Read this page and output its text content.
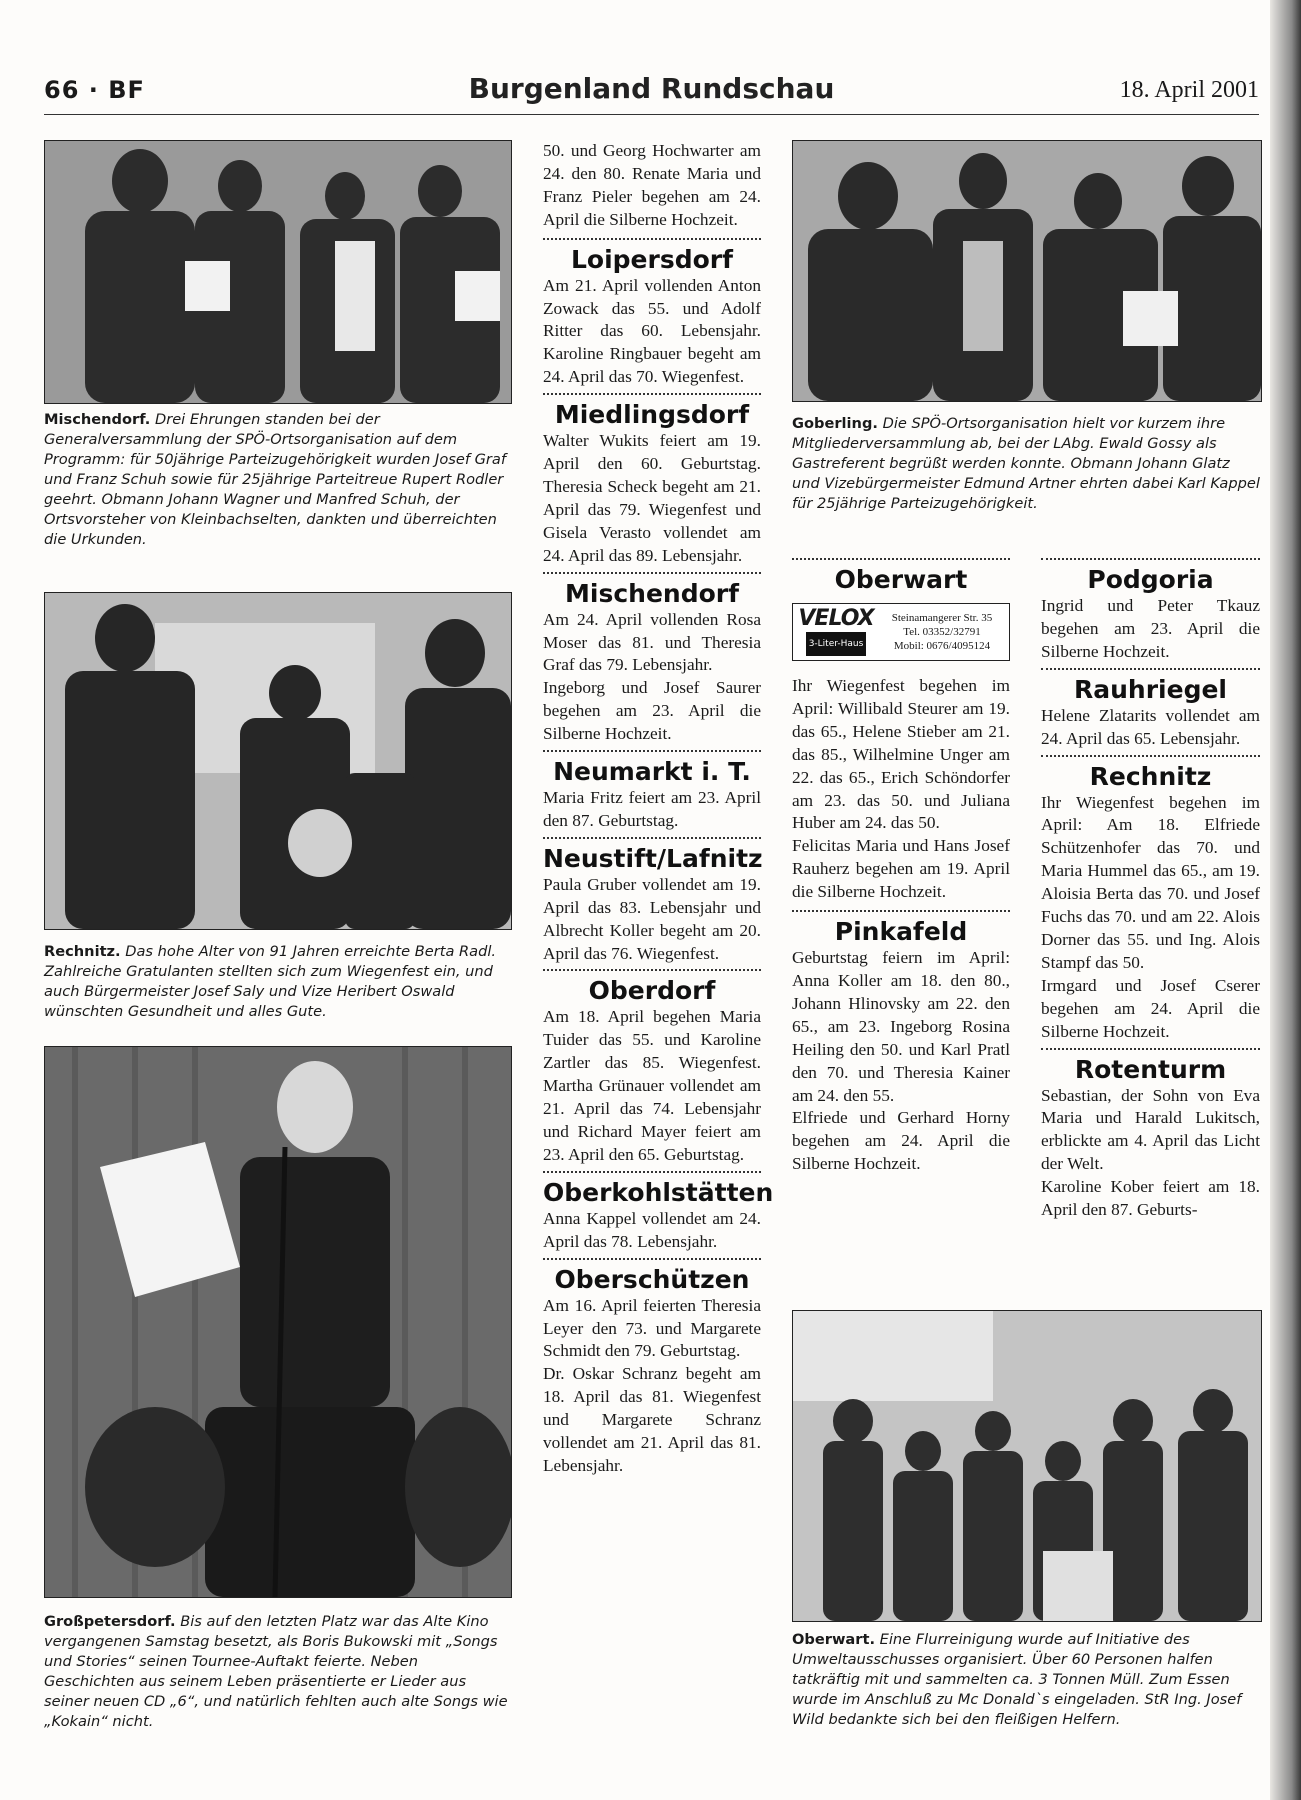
66 · BF	Burgenland Rundschau	18. April 2001
Mischendorf. Drei Ehrungen standen bei der Generalversammlung der SPÖ-Ortsorganisation auf dem Programm: für 50jährige Parteizugehörigkeit wurden Josef Graf und Franz Schuh sowie für 25jährige Parteitreue Rupert Rodler geehrt. Obmann Johann Wagner und Manfred Schuh, der Ortsvorsteher von Kleinbachselten, dankten und überreichten die Urkunden.
Rechnitz. Das hohe Alter von 91 Jahren erreichte Berta Radl. Zahlreiche Gratulanten stellten sich zum Wiegenfest ein, und auch Bürgermeister Josef Saly und Vize Heribert Oswald wünschten Gesundheit und alles Gute.
Großpetersdorf. Bis auf den letzten Platz war das Alte Kino vergangenen Samstag besetzt, als Boris Bukowski mit „Songs und Stories“ seinen Tournee-Auftakt feierte. Neben Geschichten aus seinem Leben präsentierte er Lieder aus seiner neuen CD „6“, und natürlich fehlten auch alte Songs wie „Kokain“ nicht.

50. und Georg Hochwarter am 24. den 80. Renate Maria und Franz Pieler begehen am 24. April die Silberne Hochzeit.

Loipersdorf

Am 21. April vollenden Anton Zowack das 55. und Adolf Ritter das 60. Lebensjahr. Karoline Ringbauer begeht am 24. April das 70. Wiegenfest.

Miedlingsdorf

Walter Wukits feiert am 19. April den 60. Geburtstag. Theresia Scheck begeht am 21. April das 79. Wiegenfest und Gisela Verasto vollendet am 24. April das 89. Lebensjahr.

Mischendorf

Am 24. April vollenden Rosa Moser das 81. und Theresia Graf das 79. Lebensjahr.

Ingeborg und Josef Saurer begehen am 23. April die Silberne Hochzeit.

Neumarkt i. T.

Maria Fritz feiert am 23. April den 87. Geburtstag.

Neustift/Lafnitz

Paula Gruber vollendet am 19. April das 83. Lebensjahr und Albrecht Koller begeht am 20. April das 76. Wiegenfest.

Oberdorf

Am 18. April begehen Maria Tuider das 55. und Karoline Zartler das 85. Wiegenfest. Martha Grünauer vollendet am 21. April das 74. Lebensjahr und Richard Mayer feiert am 23. April den 65. Geburtstag.

Oberkohlstätten

Anna Kappel vollendet am 24. April das 78. Lebensjahr.

Oberschützen

Am 16. April feierten Theresia Leyer den 73. und Margarete Schmidt den 79. Geburtstag.

Dr. Oskar Schranz begeht am 18. April das 81. Wiegenfest und Margarete Schranz vollendet am 21. April das 81. Lebensjahr.

Goberling. Die SPÖ-Ortsorganisation hielt vor kurzem ihre Mitgliederversammlung ab, bei der LAbg. Ewald Gossy als Gastreferent begrüßt werden konnte. Obmann Johann Glatz und Vizebürgermeister Edmund Artner ehrten dabei Karl Kappel für 25jährige Parteizugehörigkeit.
Oberwart
VELOX
3-Liter-Haus
Steinamangerer Str. 35
Tel. 03352/32791
Mobil: 0676/4095124

Ihr Wiegenfest begehen im April: Willibald Steurer am 19. das 65., Helene Stieber am 21. das 85., Wilhelmine Unger am 22. das 65., Erich Schöndorfer am 23. das 50. und Juliana Huber am 24. das 50.

Felicitas Maria und Hans Josef Rauherz begehen am 19. April die Silberne Hochzeit.

Pinkafeld

Geburtstag feiern im April: Anna Koller am 18. den 80., Johann Hlinovsky am 22. den 65., am 23. Ingeborg Rosina Heiling den 50. und Karl Pratl den 70. und Theresia Kainer am 24. den 55.

Elfriede und Gerhard Horny begehen am 24. April die Silberne Hochzeit.

Podgoria

Ingrid und Peter Tkauz begehen am 23. April die Silberne Hochzeit.

Rauhriegel

Helene Zlatarits vollendet am 24. April das 65. Lebensjahr.

Rechnitz

Ihr Wiegenfest begehen im April: Am 18. Elfriede Schützenhofer das 70. und Maria Hummel das 65., am 19. Aloisia Berta das 70. und Josef Fuchs das 70. und am 22. Alois Dorner das 55. und Ing. Alois Stampf das 50.

Irmgard und Josef Cserer begehen am 24. April die Silberne Hochzeit.

Rotenturm

Sebastian, der Sohn von Eva Maria und Harald Lukitsch, erblickte am 4. April das Licht der Welt.

Karoline Kober feiert am 18. April den 87. Geburts-

Oberwart. Eine Flurreinigung wurde auf Initiative des Umweltausschusses organisiert. Über 60 Personen halfen tatkräftig mit und sammelten ca. 3 Tonnen Müll. Zum Essen wurde im Anschluß zu Mc Donald`s eingeladen. StR Ing. Josef Wild bedankte sich bei den fleißigen Helfern.
